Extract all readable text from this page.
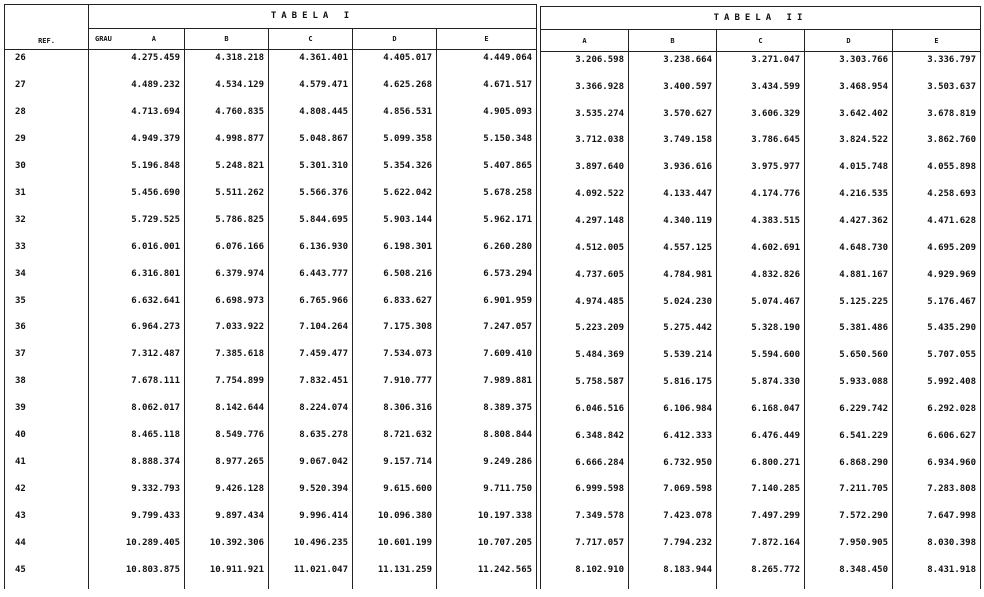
REF.	TABELA I				

	GRAU A	B	C	D	E
26	4.275.459	4.318.218	4.361.401	4.405.017	4.449.064
27	4.489.232	4.534.129	4.579.471	4.625.268	4.671.517
28	4.713.694	4.760.835	4.808.445	4.856.531	4.905.093
29	4.949.379	4.998.877	5.048.867	5.099.358	5.150.348
30	5.196.848	5.248.821	5.301.310	5.354.326	5.407.865
31	5.456.690	5.511.262	5.566.376	5.622.042	5.678.258
32	5.729.525	5.786.825	5.844.695	5.903.144	5.962.171
33	6.016.001	6.076.166	6.136.930	6.198.301	6.260.280
34	6.316.801	6.379.974	6.443.777	6.508.216	6.573.294
35	6.632.641	6.698.973	6.765.966	6.833.627	6.901.959
36	6.964.273	7.033.922	7.104.264	7.175.308	7.247.057
37	7.312.487	7.385.618	7.459.477	7.534.073	7.609.410
38	7.678.111	7.754.899	7.832.451	7.910.777	7.989.881
39	8.062.017	8.142.644	8.224.074	8.306.316	8.389.375
40	8.465.118	8.549.776	8.635.278	8.721.632	8.808.844
41	8.888.374	8.977.265	9.067.042	9.157.714	9.249.286
42	9.332.793	9.426.128	9.520.394	9.615.600	9.711.750
43	9.799.433	9.897.434	9.996.414	10.096.380	10.197.338
44	10.289.405	10.392.306	10.496.235	10.601.199	10.707.205
45	10.803.875	10.911.921	11.021.047	11.131.259	11.242.565
TABELA II				
A	B	C	D	E
3.206.598	3.238.664	3.271.047	3.303.766	3.336.797
3.366.928	3.400.597	3.434.599	3.468.954	3.503.637
3.535.274	3.570.627	3.606.329	3.642.402	3.678.819
3.712.038	3.749.158	3.786.645	3.824.522	3.862.760
3.897.640	3.936.616	3.975.977	4.015.748	4.055.898
4.092.522	4.133.447	4.174.776	4.216.535	4.258.693
4.297.148	4.340.119	4.383.515	4.427.362	4.471.628
4.512.005	4.557.125	4.602.691	4.648.730	4.695.209
4.737.605	4.784.981	4.832.826	4.881.167	4.929.969
4.974.485	5.024.230	5.074.467	5.125.225	5.176.467
5.223.209	5.275.442	5.328.190	5.381.486	5.435.290
5.484.369	5.539.214	5.594.600	5.650.560	5.707.055
5.758.587	5.816.175	5.874.330	5.933.088	5.992.408
6.046.516	6.106.984	6.168.047	6.229.742	6.292.028
6.348.842	6.412.333	6.476.449	6.541.229	6.606.627
6.666.284	6.732.950	6.800.271	6.868.290	6.934.960
6.999.598	7.069.598	7.140.285	7.211.705	7.283.808
7.349.578	7.423.078	7.497.299	7.572.290	7.647.998
7.717.057	7.794.232	7.872.164	7.950.905	8.030.398
8.102.910	8.183.944	8.265.772	8.348.450	8.431.918
